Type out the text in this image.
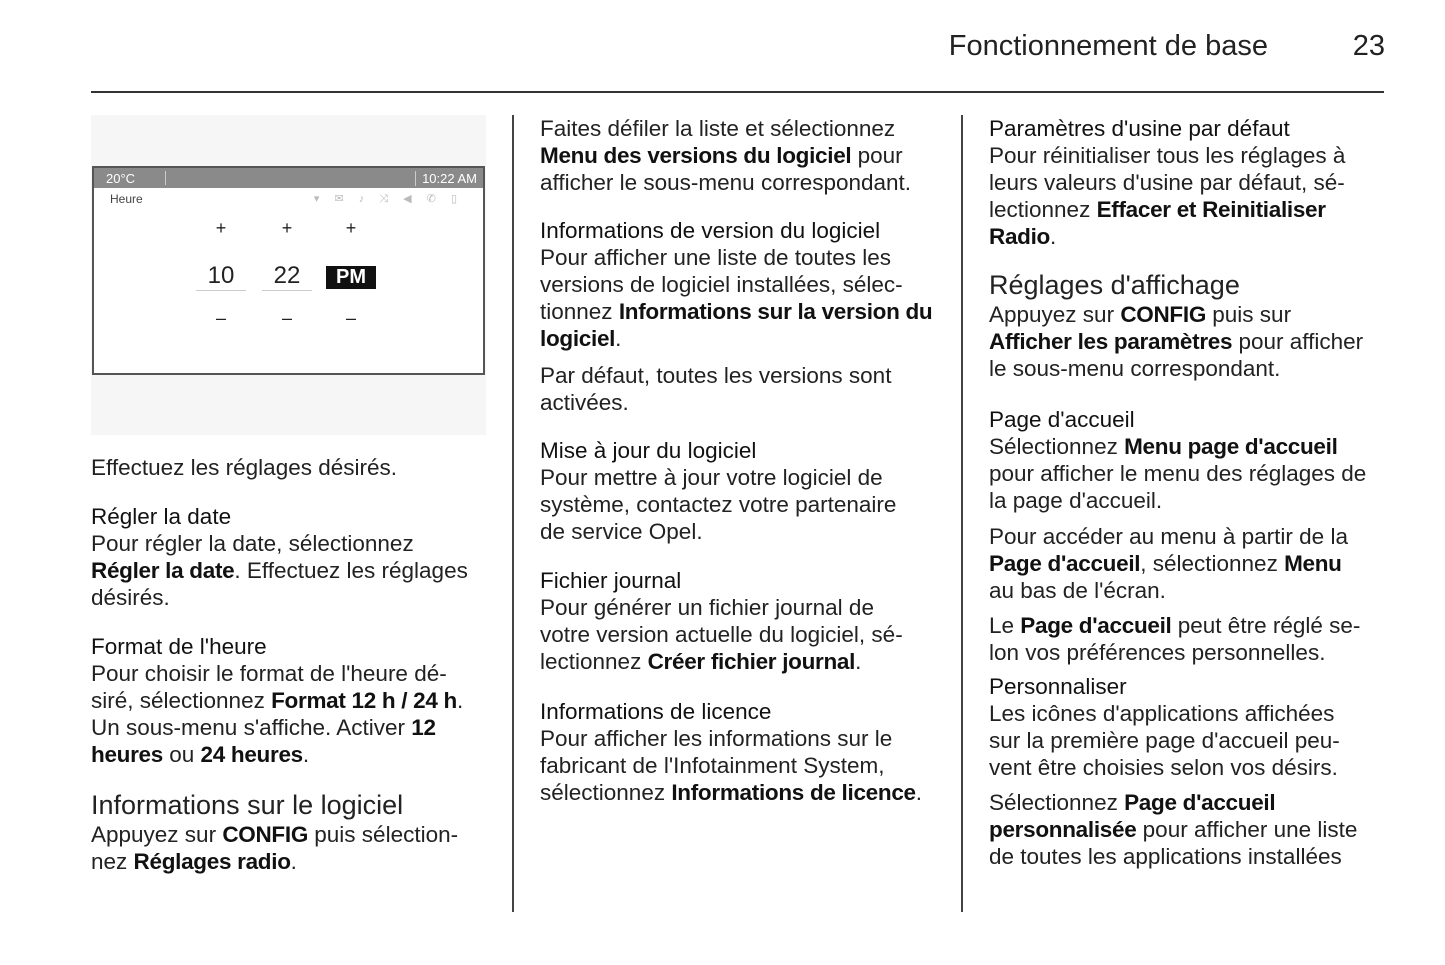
Fonctionnement de base	23
20°C	10:22 AM
Heure	▾ ✉ ♪ ⤨ ◀ ✆ ▯
+
10
–
+
22
–
+
PM
–
Effectuez les réglages désirés.
Régler la date
Pour régler la date, sélectionnez
Régler la date. Effectuez les réglages
désirés.
Format de l'heure
Pour choisir le format de l'heure dé-
siré, sélectionnez Format 12 h / 24 h.
Un sous-menu s'affiche. Activer 12
heures ou 24 heures.
Informations sur le logiciel
Appuyez sur CONFIG puis sélection-
nez Réglages radio.
Faites défiler la liste et sélectionnez
Menu des versions du logiciel pour
afficher le sous-menu correspondant.
Informations de version du logiciel
Pour afficher une liste de toutes les
versions de logiciel installées, sélec-
tionnez Informations sur la version du
logiciel.
Par défaut, toutes les versions sont
activées.
Mise à jour du logiciel
Pour mettre à jour votre logiciel de
système, contactez votre partenaire
de service Opel.
Fichier journal
Pour générer un fichier journal de
votre version actuelle du logiciel, sé-
lectionnez Créer fichier journal.
Informations de licence
Pour afficher les informations sur le
fabricant de l'Infotainment System,
sélectionnez Informations de licence.
Paramètres d'usine par défaut
Pour réinitialiser tous les réglages à
leurs valeurs d'usine par défaut, sé-
lectionnez Effacer et Reinitialiser
Radio.
Réglages d'affichage
Appuyez sur CONFIG puis sur
Afficher les paramètres pour afficher
le sous-menu correspondant.
Page d'accueil
Sélectionnez Menu page d'accueil
pour afficher le menu des réglages de
la page d'accueil.
Pour accéder au menu à partir de la
Page d'accueil, sélectionnez Menu
au bas de l'écran.
Le Page d'accueil peut être réglé se-
lon vos préférences personnelles.
Personnaliser
Les icônes d'applications affichées
sur la première page d'accueil peu-
vent être choisies selon vos désirs.
Sélectionnez Page d'accueil
personnalisée pour afficher une liste
de toutes les applications installées
